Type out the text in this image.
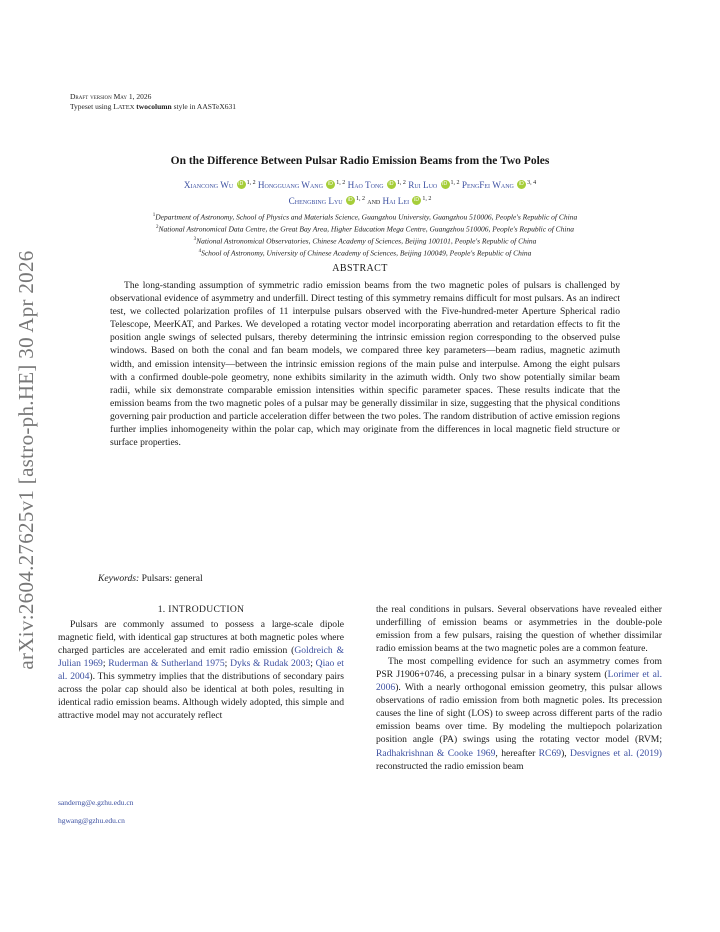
arXiv:2604.27625v1 [astro-ph.HE] 30 Apr 2026
Draft version May 1, 2026
Typeset using LATEX twocolumn style in AASTeX631
On the Difference Between Pulsar Radio Emission Beams from the Two Poles
Xiancong Wu iD $^{1, 2}$ Hongguang Wang iD $^{1, 2}$ Hao Tong iD $^{1, 2}$ Rui Luo iD $^{1, 2}$ PengFei Wang iD $^{3, 4}$
Chengbing Lyu iD $^{1, 2}$ and Hai Lei iD $^{1, 2}$
$^1$Department of Astronomy, School of Physics and Materials Science, Guangzhou University, Guangzhou 510006, People's Republic of China
$^2$National Astronomical Data Centre, the Great Bay Area, Higher Education Mega Centre, Guangzhou 510006, People's Republic of China
$^3$National Astronomical Observatories, Chinese Academy of Sciences, Beijing 100101, People's Republic of China
$^4$School of Astronomy, University of Chinese Academy of Sciences, Beijing 100049, People's Republic of China
ABSTRACT
The long-standing assumption of symmetric radio emission beams from the two magnetic poles of pulsars is challenged by observational evidence of asymmetry and underfill. Direct testing of this symmetry remains difficult for most pulsars. As an indirect test, we collected polarization profiles of 11 interpulse pulsars observed with the Five-hundred-meter Aperture Spherical radio Telescope, MeerKAT, and Parkes. We developed a rotating vector model incorporating aberration and retardation effects to fit the position angle swings of selected pulsars, thereby determining the intrinsic emission region corresponding to the observed pulse windows. Based on both the conal and fan beam models, we compared three key parameters—beam radius, magnetic azimuth width, and emission intensity—between the intrinsic emission regions of the main pulse and interpulse. Among the eight pulsars with a confirmed double-pole geometry, none exhibits similarity in the azimuth width. Only two show potentially similar beam radii, while six demonstrate comparable emission intensities within specific parameter spaces. These results indicate that the emission beams from the two magnetic poles of a pulsar may be generally dissimilar in size, suggesting that the physical conditions governing pair production and particle acceleration differ between the two poles. The random distribution of active emission regions further implies inhomogeneity within the polar cap, which may originate from the differences in local magnetic field structure or surface properties.
Keywords: Pulsars: general
1. INTRODUCTION

Pulsars are commonly assumed to possess a large-scale dipole magnetic field, with identical gap structures at both magnetic poles where charged particles are accelerated and emit radio emission (Goldreich & Julian 1969; Ruderman & Sutherland 1975; Dyks & Rudak 2003; Qiao et al. 2004). This symmetry implies that the distributions of secondary pairs across the polar cap should also be identical at both poles, resulting in identical radio emission beams. Although widely adopted, this simple and attractive model may not accurately reflect

the real conditions in pulsars. Several observations have revealed either underfilling of emission beams or asymmetries in the double-pole emission from a few pulsars, raising the question of whether dissimilar radio emission beams at the two magnetic poles are a common feature.

The most compelling evidence for such an asymmetry comes from PSR J1906+0746, a precessing pulsar in a binary system (Lorimer et al. 2006). With a nearly orthogonal emission geometry, this pulsar allows observations of radio emission from both magnetic poles. Its precession causes the line of sight (LOS) to sweep across different parts of the radio emission beams over time. By modeling the multiepoch polarization position angle (PA) swings using the rotating vector model (RVM; Radhakrishnan & Cooke 1969, hereafter RC69), Desvignes et al. (2019) reconstructed the radio emission beam

sanderng@e.gzhu.edu.cn
hgwang@gzhu.edu.cn
